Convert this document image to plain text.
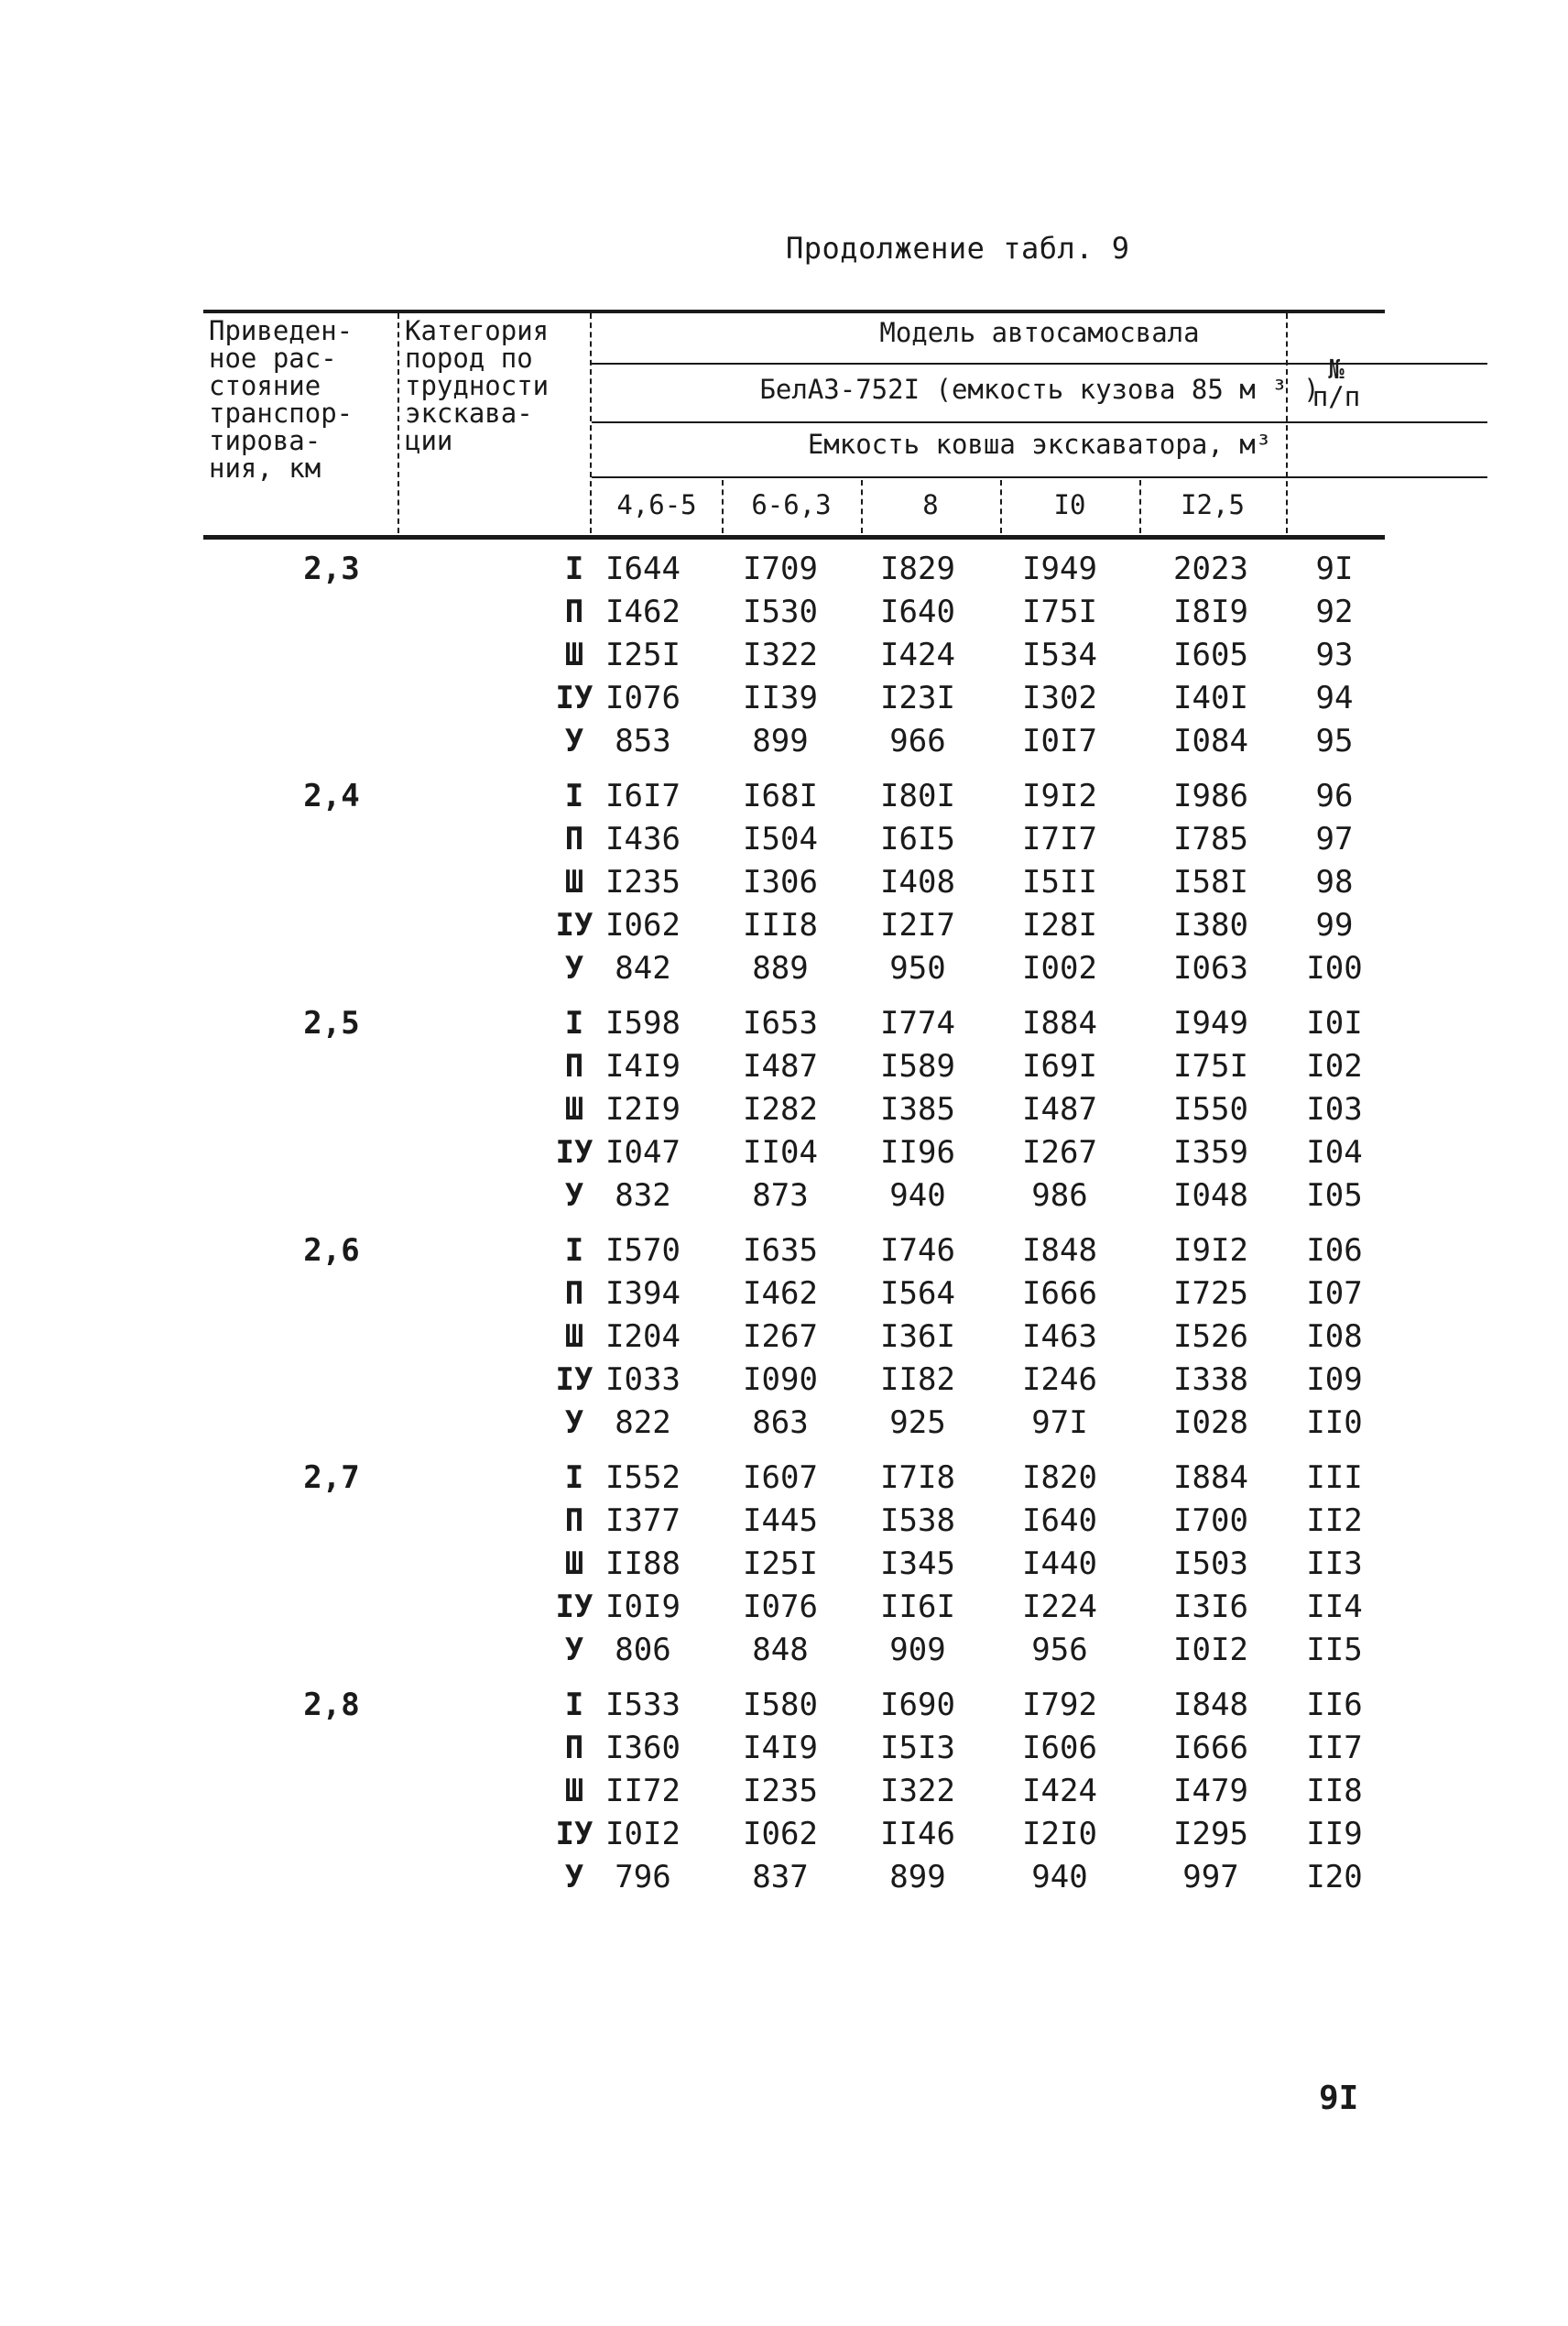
Продолжение табл. 9
Приведен-
ное рас-
стояние
транспор-
тирова-
ния, км
Категория
пород по
трудности
экскава-
ции
Модель автосамосвала
БелАЗ-752I (емкость кузова 85 м ³ )
Емкость ковша экскаватора, м³
№
п/п
4,6-5	6-6,3	8	I0	I2,5
2,3	I I644	I709	I829	I949	2023	9I
П I462	I530	I640	I75I	I8I9	92
Ш I25I	I322	I424	I534	I605	93
IУ I076	II39	I23I	I302	I40I	94
У	853	899	966	I0I7	I084	95
2,4	I I6I7	I68I	I80I	I9I2	I986	96
П I436	I504	I6I5	I7I7	I785	97
Ш I235	I306	I408	I5II	I58I	98
IУ I062	III8	I2I7	I28I	I380	99
У	842	889	950	I002	I063	I00
2,5	I I598	I653	I774	I884	I949	I0I
П I4I9	I487	I589	I69I	I75I	I02
Ш I2I9	I282	I385	I487	I550	I03
IУ I047	II04	II96	I267	I359	I04
У	832	873	940	986	I048	I05
2,6	I I570	I635	I746	I848	I9I2	I06
П I394	I462	I564	I666	I725	I07
Ш I204	I267	I36I	I463	I526	I08
IУ I033	I090	II82	I246	I338	I09
У	822	863	925	97I	I028	II0
2,7	I I552	I607	I7I8	I820	I884	III
П I377	I445	I538	I640	I700	II2
Ш II88	I25I	I345	I440	I503	II3
IУ I0I9	I076	II6I	I224	I3I6	II4
У	806	848	909	956	I0I2	II5
2,8	I I533	I580	I690	I792	I848	II6
П I360	I4I9	I5I3	I606	I666	II7
Ш II72	I235	I322	I424	I479	II8
IУ I0I2	I062	II46	I2I0	I295	II9
У	796	837	899	940	997	I20
9I
